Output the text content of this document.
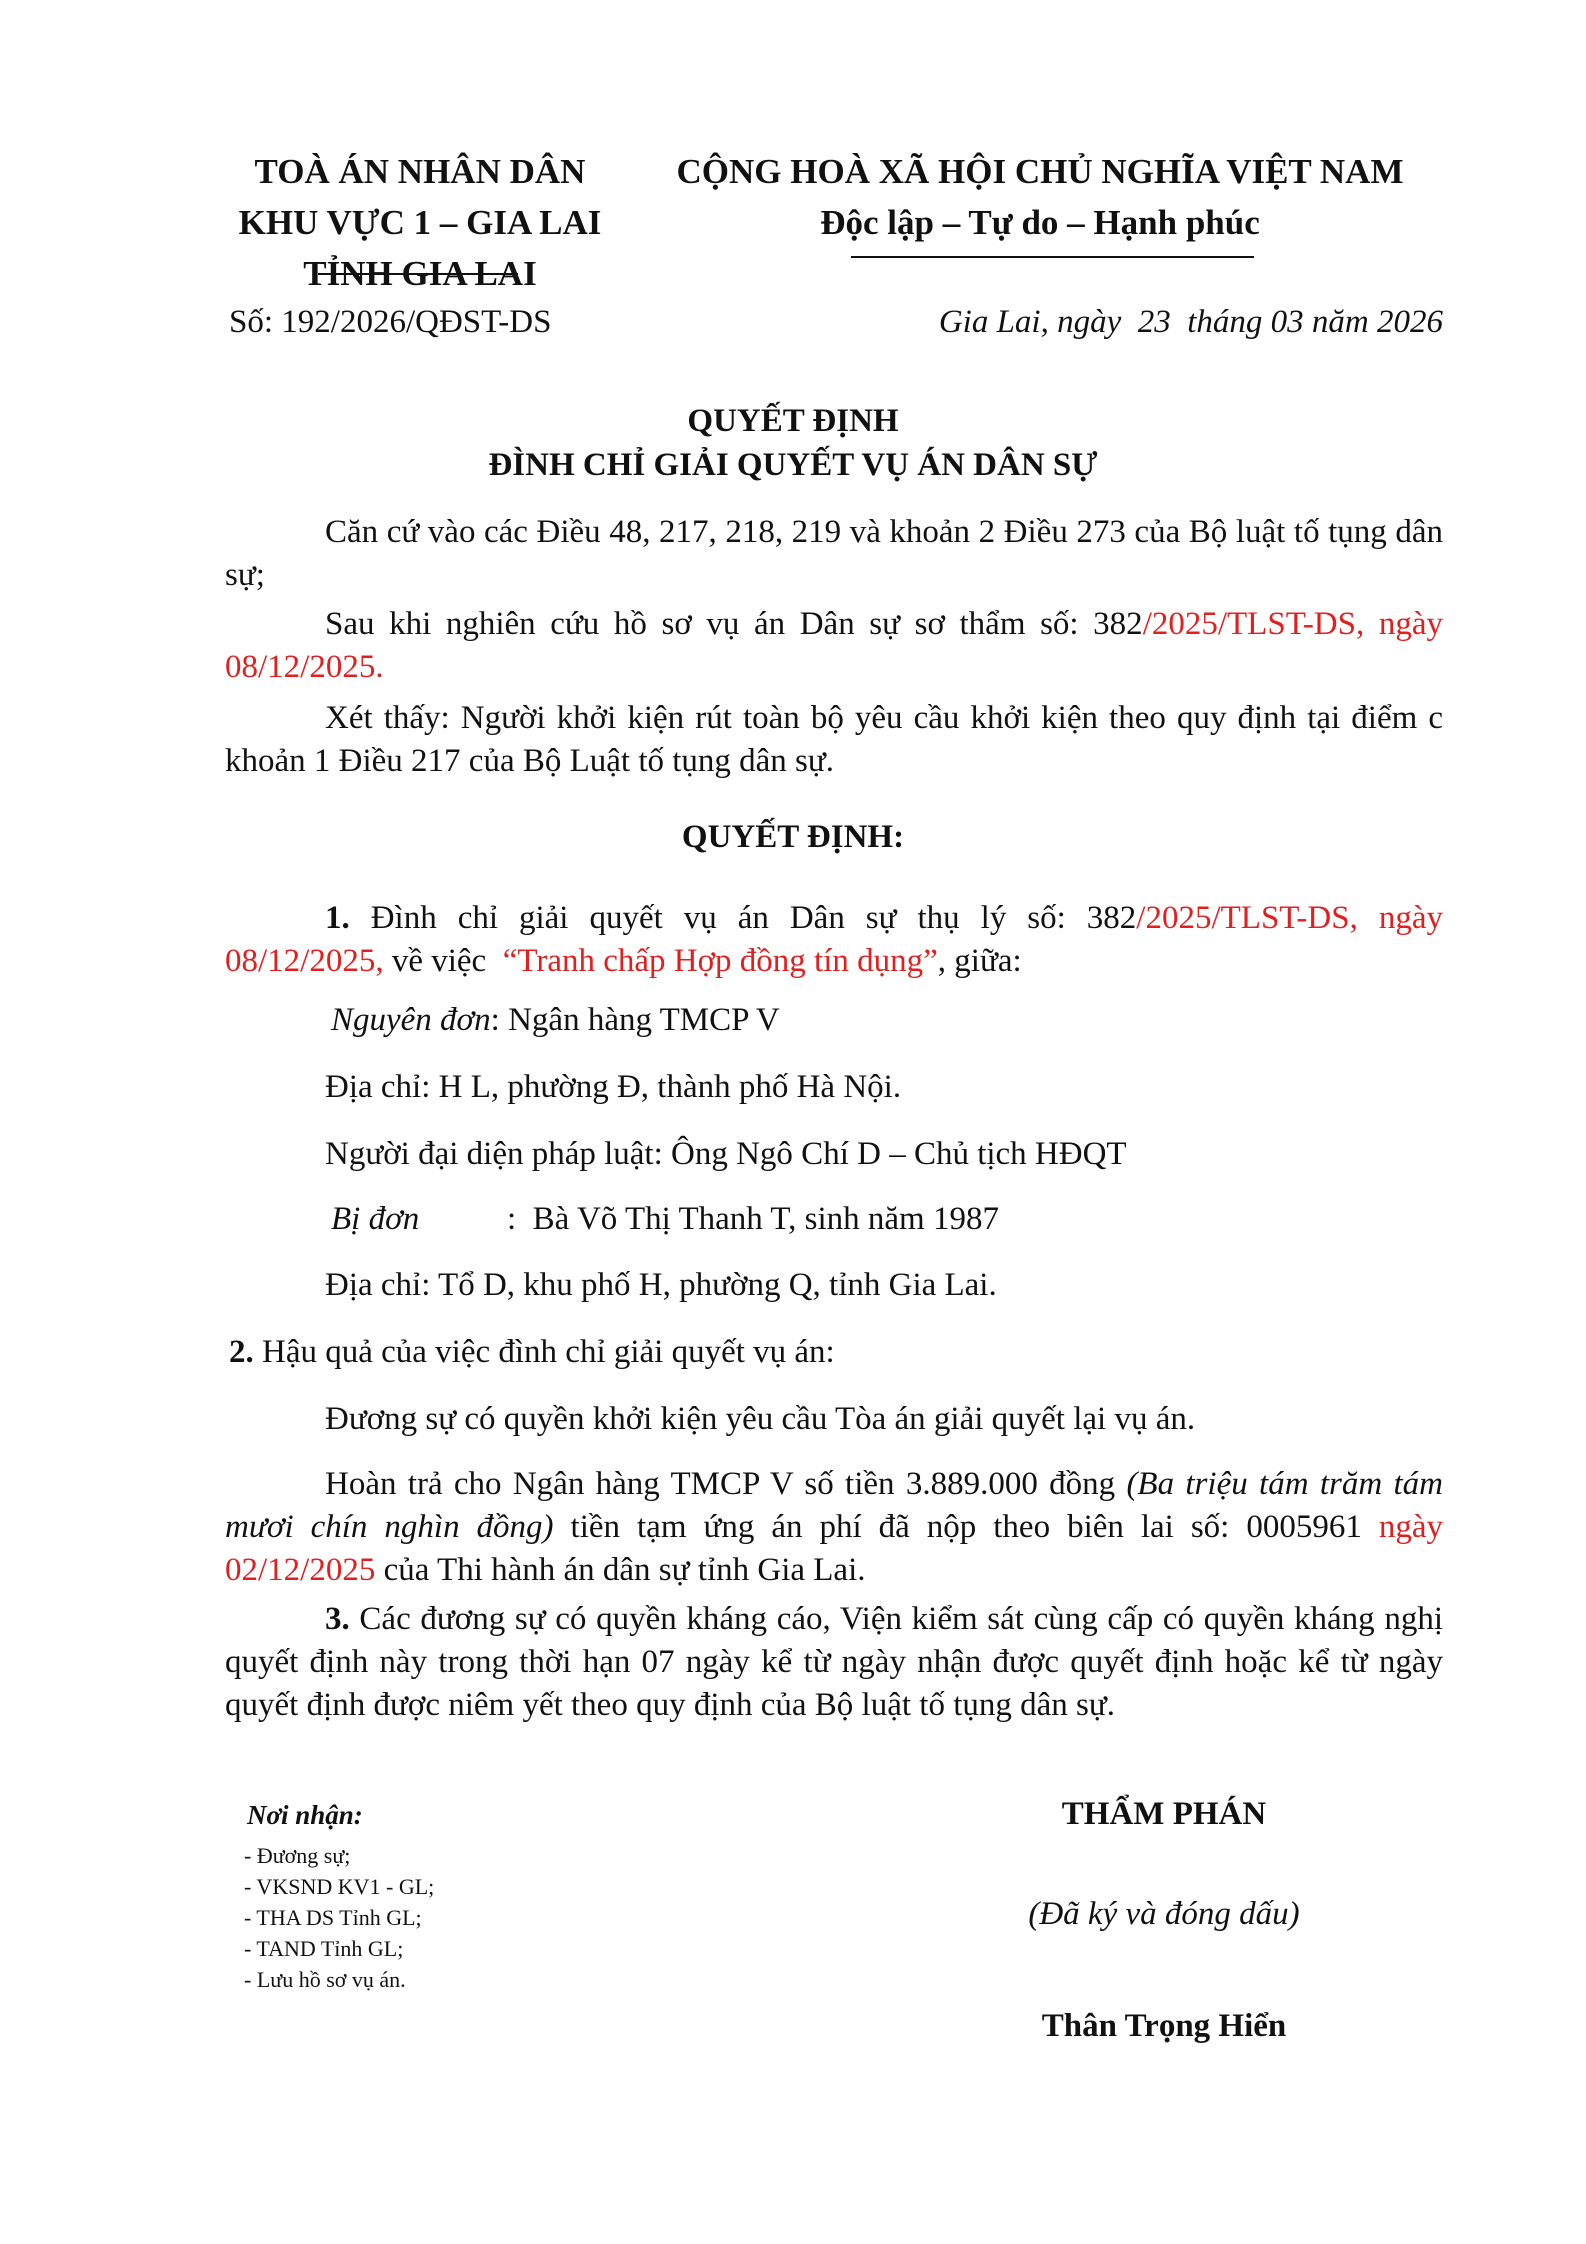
TOÀ ÁN NHÂN DÂN
KHU VỰC 1 – GIA LAI
TỈNH GIA LAI
CỘNG HOÀ XÃ HỘI CHỦ NGHĨA VIỆT NAM
Độc lập – Tự do – Hạnh phúc
Số: 192/2026/QĐST-DS	Gia Lai, ngày  23  tháng 03 năm 2026
QUYẾT ĐỊNH
ĐÌNH CHỈ GIẢI QUYẾT VỤ ÁN DÂN SỰ

Căn cứ vào các Điều 48, 217, 218, 219 và khoản 2 Điều 273 của Bộ luật tố tụng dân sự;

Sau khi nghiên cứu hồ sơ vụ án Dân sự sơ thẩm số: 382/2025/TLST-DS, ngày 08/12/2025.

Xét thấy: Người khởi kiện rút toàn bộ yêu cầu khởi kiện theo quy định tại điểm c khoản 1 Điều 217 của Bộ Luật tố tụng dân sự.

QUYẾT ĐỊNH:

1. Đình chỉ giải quyết vụ án Dân sự thụ lý số: 382/2025/TLST-DS, ngày 08/12/2025, về việc  “Tranh chấp Hợp đồng tín dụng”, giữa:

Nguyên đơn: Ngân hàng TMCP V
Địa chỉ: H L, phường Đ, thành phố Hà Nội.
Người đại diện pháp luật: Ông Ngô Chí D – Chủ tịch HĐQT
Bị đơn	:  Bà Võ Thị Thanh T, sinh năm 1987
Địa chỉ: Tổ D, khu phố H, phường Q, tỉnh Gia Lai.
2. Hậu quả của việc đình chỉ giải quyết vụ án:
Đương sự có quyền khởi kiện yêu cầu Tòa án giải quyết lại vụ án.

Hoàn trả cho Ngân hàng TMCP V số tiền 3.889.000 đồng (Ba triệu tám trăm tám mươi chín nghìn đồng) tiền tạm ứng án phí đã nộp theo biên lai số: 0005961 ngày 02/12/2025 của Thi hành án dân sự tỉnh Gia Lai.

3. Các đương sự có quyền kháng cáo, Viện kiểm sát cùng cấp có quyền kháng nghị quyết định này trong thời hạn 07 ngày kể từ ngày nhận được quyết định hoặc kể từ ngày quyết định được niêm yết theo quy định của Bộ luật tố tụng dân sự.

Nơi nhận:
- Đương sự;
- VKSND KV1 - GL;
- THA DS Tỉnh GL;
- TAND Tỉnh GL;
- Lưu hồ sơ vụ án.
THẨM PHÁN
(Đã ký và đóng dấu)
Thân Trọng Hiển
